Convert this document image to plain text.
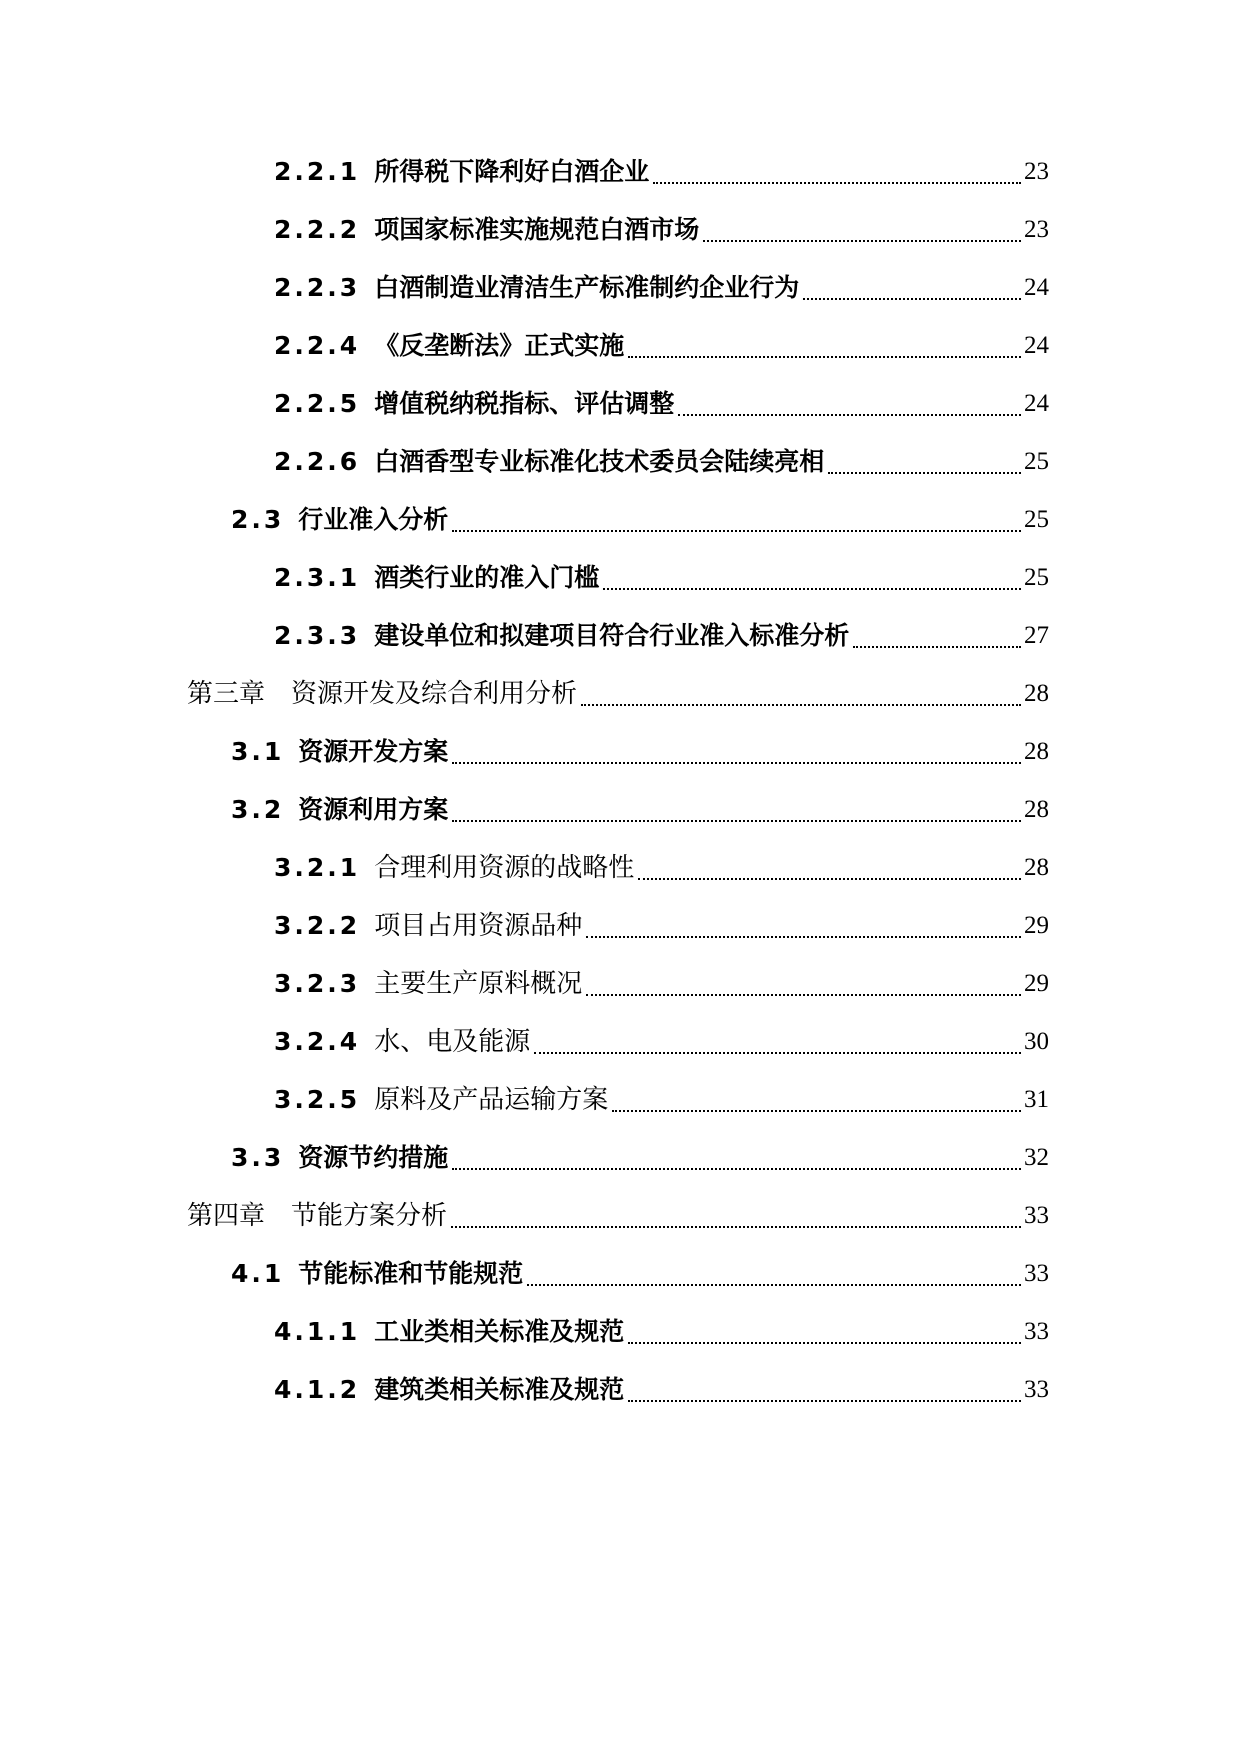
2.2.1 所得税下降利好白酒企业	23
2.2.2 项国家标准实施规范白酒市场	23
2.2.3 白酒制造业清洁生产标准制约企业行为	24
2.2.4 《反垄断法》正式实施	24
2.2.5 增值税纳税指标、评估调整	24
2.2.6 白酒香型专业标准化技术委员会陆续亮相	25
2.3 行业准入分析	25
2.3.1 酒类行业的准入门槛	25
2.3.3 建设单位和拟建项目符合行业准入标准分析	27
第三章 资源开发及综合利用分析	28
3.1 资源开发方案	28
3.2 资源利用方案	28
3.2.1 合理利用资源的战略性	28
3.2.2 项目占用资源品种	29
3.2.3 主要生产原料概况	29
3.2.4 水、电及能源	30
3.2.5 原料及产品运输方案	31
3.3 资源节约措施	32
第四章 节能方案分析	33
4.1 节能标准和节能规范	33
4.1.1 工业类相关标准及规范	33
4.1.2 建筑类相关标准及规范	33
